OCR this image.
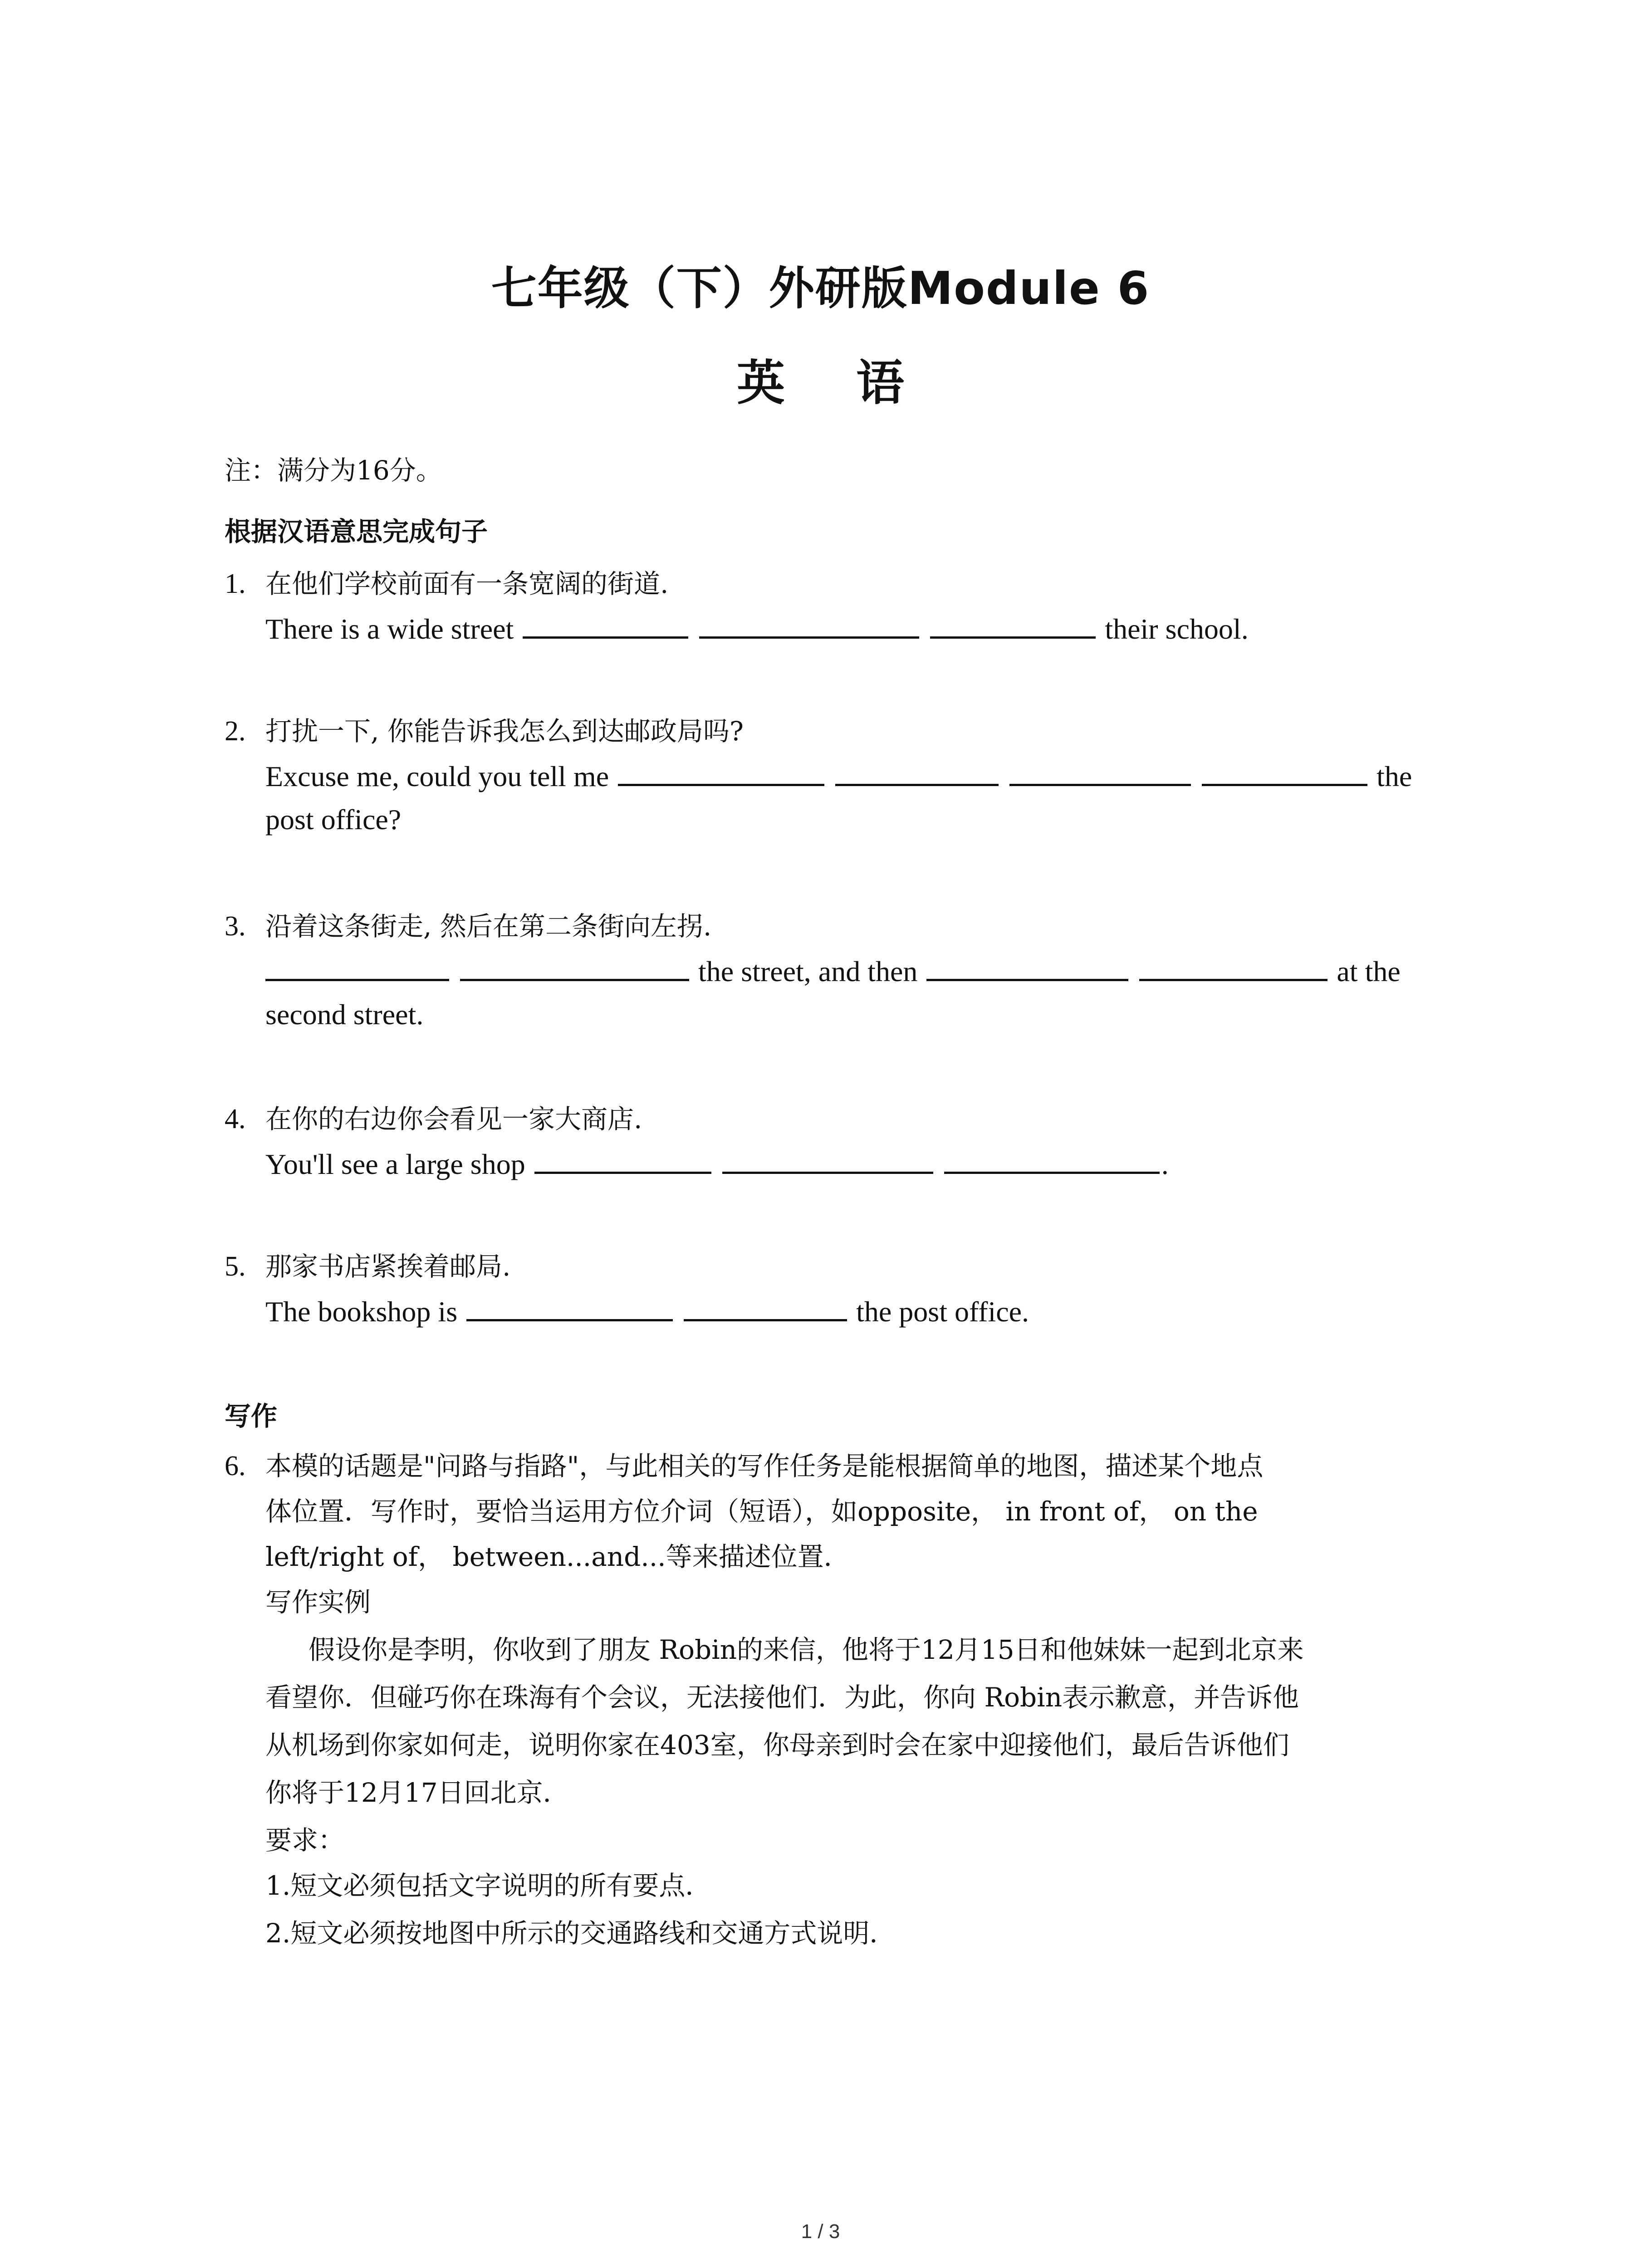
七年级（下）外研版Module 6
英 语
注：满分为16分。
根据汉语意思完成句子
1. 在他们学校前面有一条宽阔的街道.
There is a wide street	their school.
2. 打扰一下, 你能告诉我怎么到达邮政局吗?
Excuse me, could you tell me	the
post office?
3. 沿着这条街走, 然后在第二条街向左拐.
the street, and then	at the
second street.
4. 在你的右边你会看见一家大商店.
You'll see a large shop	.
5. 那家书店紧挨着邮局.
The bookshop is	the post office.
写作
6. 本模的话题是"问路与指路"，与此相关的写作任务是能根据简单的地图，描述某个地点
体位置．写作时，要恰当运用方位介词（短语），如opposite， in front of， on the
left/right of， between...and...等来描述位置．
写作实例
假设你是李明，你收到了朋友 Robin的来信，他将于12月15日和他妹妹一起到北京来
看望你．但碰巧你在珠海有个会议，无法接他们．为此，你向 Robin表示歉意，并告诉他
从机场到你家如何走，说明你家在403室，你母亲到时会在家中迎接他们，最后告诉他们
你将于12月17日回北京．
要求：
1.短文必须包括文字说明的所有要点．
2.短文必须按地图中所示的交通路线和交通方式说明．
1 / 3
